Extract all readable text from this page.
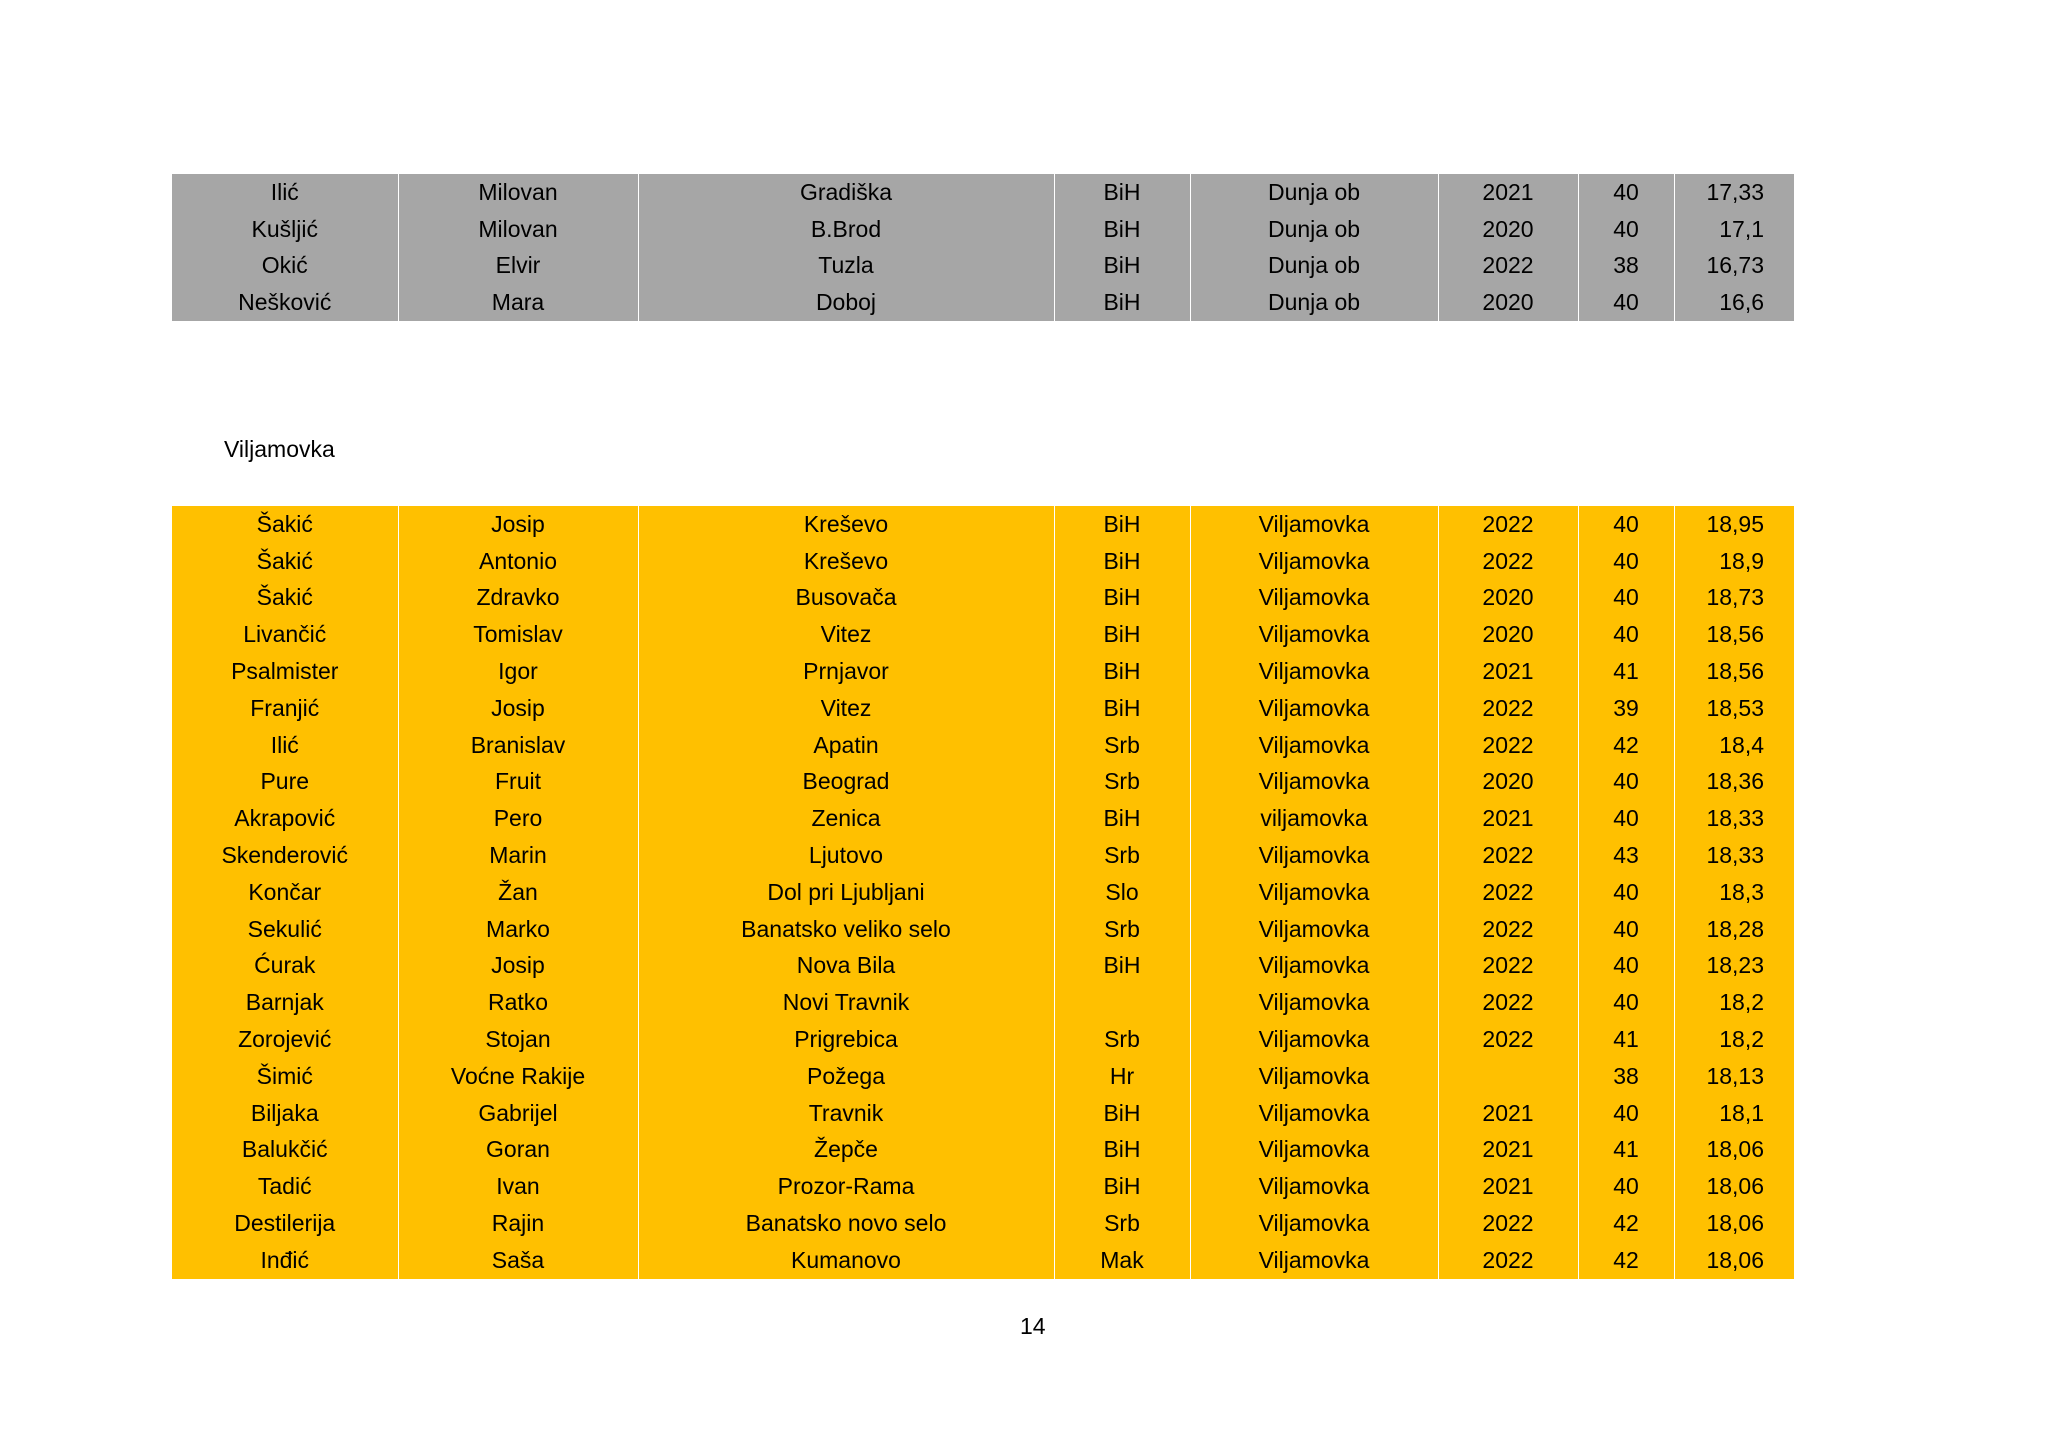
Ilić	Milovan	Gradiška	BiH	Dunja ob	2021	40	17,33
Kušljić	Milovan	B.Brod	BiH	Dunja ob	2020	40	17,1
Okić	Elvir	Tuzla	BiH	Dunja ob	2022	38	16,73
Nešković	Mara	Doboj	BiH	Dunja ob	2020	40	16,6
Viljamovka
Šakić	Josip	Kreševo	BiH	Viljamovka	2022	40	18,95
Šakić	Antonio	Kreševo	BiH	Viljamovka	2022	40	18,9
Šakić	Zdravko	Busovača	BiH	Viljamovka	2020	40	18,73
Livančić	Tomislav	Vitez	BiH	Viljamovka	2020	40	18,56
Psalmister	Igor	Prnjavor	BiH	Viljamovka	2021	41	18,56
Franjić	Josip	Vitez	BiH	Viljamovka	2022	39	18,53
Ilić	Branislav	Apatin	Srb	Viljamovka	2022	42	18,4
Pure	Fruit	Beograd	Srb	Viljamovka	2020	40	18,36
Akrapović	Pero	Zenica	BiH	viljamovka	2021	40	18,33
Skenderović	Marin	Ljutovo	Srb	Viljamovka	2022	43	18,33
Končar	Žan	Dol pri Ljubljani	Slo	Viljamovka	2022	40	18,3
Sekulić	Marko	Banatsko veliko selo	Srb	Viljamovka	2022	40	18,28
Ćurak	Josip	Nova Bila	BiH	Viljamovka	2022	40	18,23
Barnjak	Ratko	Novi Travnik		Viljamovka	2022	40	18,2
Zorojević	Stojan	Prigrebica	Srb	Viljamovka	2022	41	18,2
Šimić	Voćne Rakije	Požega	Hr	Viljamovka		38	18,13
Biljaka	Gabrijel	Travnik	BiH	Viljamovka	2021	40	18,1
Balukčić	Goran	Žepče	BiH	Viljamovka	2021	41	18,06
Tadić	Ivan	Prozor-Rama	BiH	Viljamovka	2021	40	18,06
Destilerija	Rajin	Banatsko novo selo	Srb	Viljamovka	2022	42	18,06
Inđić	Saša	Kumanovo	Mak	Viljamovka	2022	42	18,06
14
